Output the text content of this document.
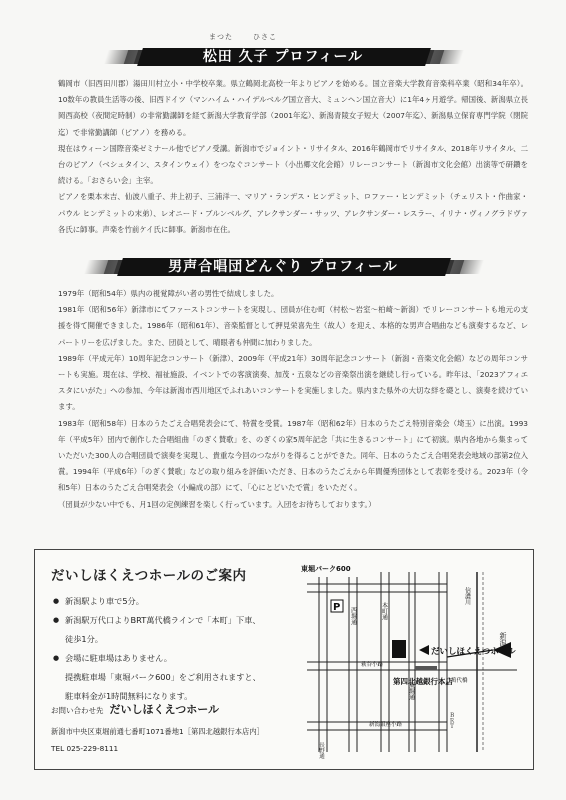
まつた	ひさこ
松田 久子 プロフィール

鶴岡市（旧西田川郡）湯田川村立小・中学校卒業。県立鶴岡北高校一年よりピアノを始める。国立音楽大学教育音楽科卒業（昭和34年卒）。10数年の教員生活等の後、旧西ドイツ（マンハイム・ハイデルベルグ国立音大、ミュンヘン国立音大）に1年4ヶ月遊学。帰国後、新潟県立長岡西高校（夜間定時制）の非常勤講師を経て新潟大学教育学部（2001年迄）、新潟青陵女子短大（2007年迄）、新潟県立保育専門学院（閉院迄）で非常勤講師（ピアノ）を務める。

現在はウィーン国際音楽ゼミナール他でピアノ受講。新潟市でジョイント・リサイタル、2016年鶴岡市でリサイタル、2018年リサイタル、二台のピアノ（ベシュタイン、スタインウェイ）をつなぐコンサート（小出郷文化会館）リレーコンサート（新潟市文化会館）出演等で研鑽を続ける。「おさらい会」主宰。

ピアノを栗本末吉、仙波八重子、井上初子、三浦洋一、マリア・ランデス・ヒンデミット、ロファー・ヒンデミット（チェリスト・作曲家・パウル ヒンデミットの末弟）、レオニード・ブルンベルグ、アレクサンダー・サッツ、アレクサンダー・レスラー、イリナ・ヴィノグラドヴァ各氏に師事。声楽を竹前ケイ氏に師事。新潟市在住。

男声合唱団どんぐり プロフィール

1979年（昭和54年）県内の視覚障がい者の男性で結成しました。

1981年（昭和56年）新津市にてファーストコンサートを実現し、団員が住む町（村松〜岩室〜柏崎〜新潟）でリレーコンサートも地元の支援を得て開催できました。1986年（昭和61年）、音楽監督として押見栄喜先生（故人）を迎え、本格的な男声合唱曲なども演奏するなど、レパートリーを広げました。また、団員として、晴眼者も仲間に加わりました。

1989年（平成元年）10周年記念コンサート（新津）、2009年（平成21年）30周年記念コンサート（新潟・音楽文化会館）などの周年コンサートも実施。現在は、学校、福祉施設、イベントでの客演演奏、加茂・五泉などの音楽祭出演を継続し行っている。昨年は、「2023アフィエスタにいがた」への参加、今年は新潟市西川地区でふれあいコンサートを実施しました。県内また県外の大切な絆を礎とし、演奏を続けています。

1983年（昭和58年）日本のうたごえ合唱発表会にて、特賞を受賞。1987年（昭和62年）日本のうたごえ特別音楽会（埼玉）に出演。1993年（平成5年）団内で創作した合唱組曲「のぎく賛歌」を、のぎくの家5周年記念「共に生きるコンサート」にて初演。県内各地から集まっていただいた300人の合唱団員で演奏を実現し、貴重な今回のつながりを得ることができた。同年、日本のうたごえ合唱発表会地域の部第2位入賞。1994年（平成6年）「のぎく賛歌」などの取り組みを評価いただき、日本のうたごえから年間優秀団体として表彰を受ける。2023年（令和5年）日本のうたごえ合唱発表会（小編成の部）にて、「心にとどいたで賞」をいただく。

（団員が少ない中でも、月1回の定例練習を楽しく行っています。入団をお待ちしております。）

だいしほくえつホールのご案内
● 新潟駅より車で5分。
● 新潟駅万代口よりBRT萬代橋ラインで「本町」下車、
徒歩1分。
● 会場に駐車場はありません。
提携駐車場「東堀パーク600」をご利用されますと、
駐車料金が1時間無料になります。
お問い合わせ先 だいしほくえつホール
新潟市中央区東堀前通七番町1071番地1［第四北越銀行本店内］
TEL 025-229-8111
P
東堀パーク600
だいしほくえつホール
第四北越銀行本店
新潟駅
西堀通	本町通
東堀通
信濃川
萩谷小路
新潟銀座小路
長野通
萬代橋
ＢＲＴ
